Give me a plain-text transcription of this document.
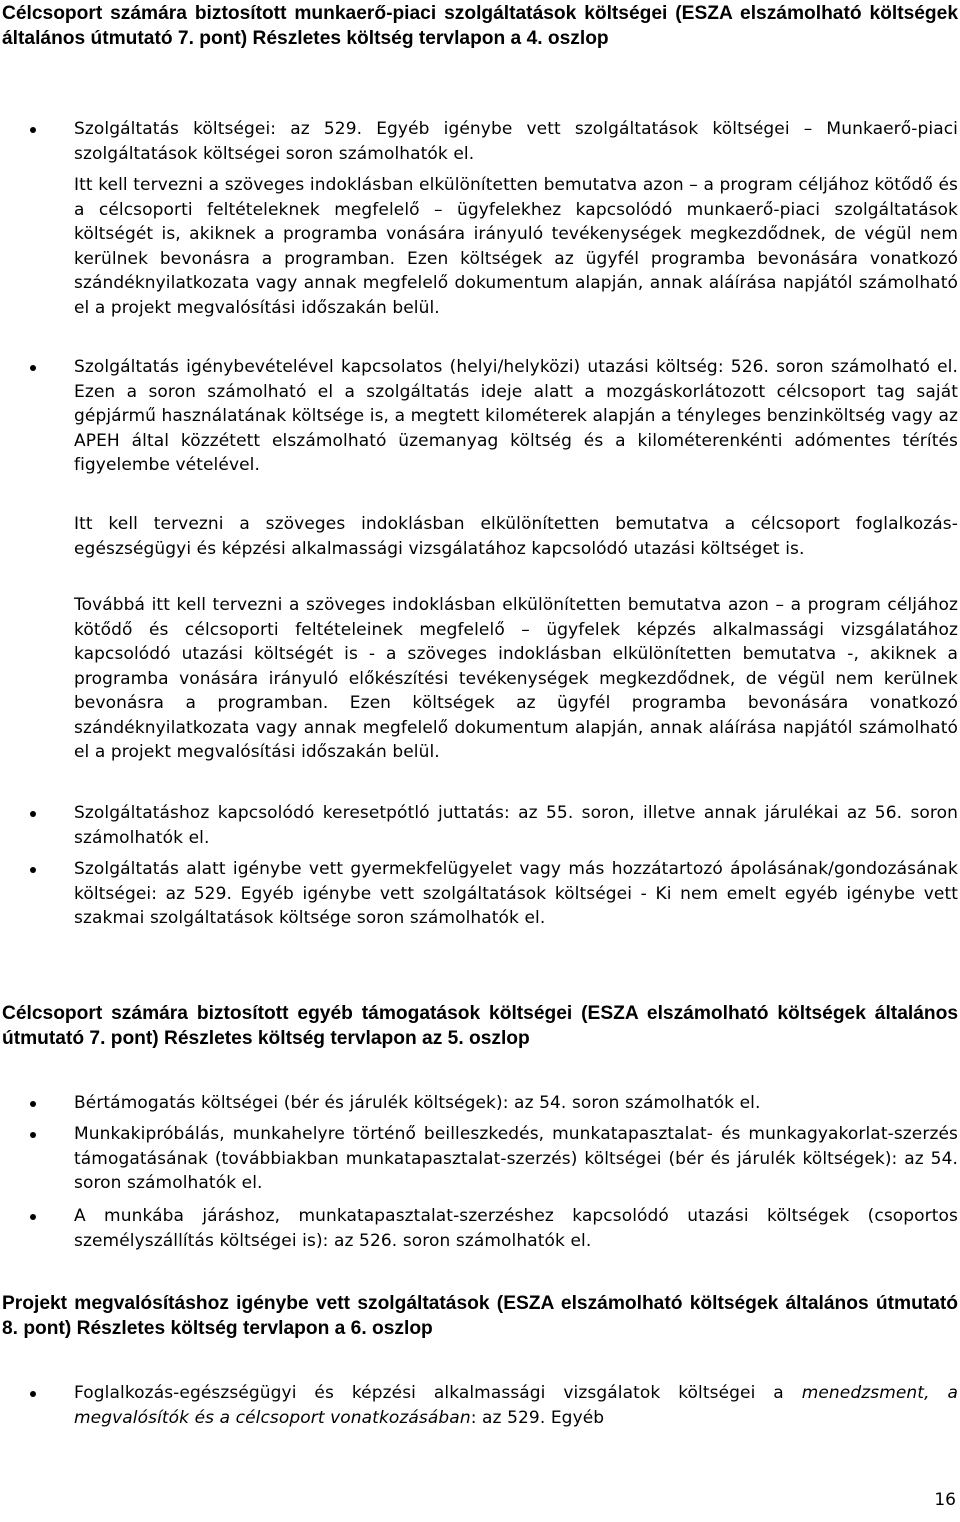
Célcsoport számára biztosított munkaerő-piaci szolgáltatások költségei (ESZA elszámolható költségek általános útmutató 7. pont) Részletes költség tervlapon a 4. oszlop
Szolgáltatás költségei: az 529. Egyéb igénybe vett szolgáltatások költségei – Munkaerő-piaci szolgáltatások költségei soron számolhatók el.

Itt kell tervezni a szöveges indoklásban elkülönítetten bemutatva azon – a program céljához kötődő és a célcsoporti feltételeknek megfelelő – ügyfelekhez kapcsolódó munkaerő-piaci szolgáltatások költségét is, akiknek a programba vonására irányuló tevékenységek megkezdődnek, de végül nem kerülnek bevonásra a programban. Ezen költségek az ügyfél programba bevonására vonatkozó szándéknyilatkozata vagy annak megfelelő dokumentum alapján, annak aláírása napjától számolható el a projekt megvalósítási időszakán belül.

Szolgáltatás igénybevételével kapcsolatos (helyi/helyközi) utazási költség: 526. soron számolható el. Ezen a soron számolható el a szolgáltatás ideje alatt a mozgáskorlátozott célcsoport tag saját gépjármű használatának költsége is, a megtett kilométerek alapján a tényleges benzinköltség vagy az APEH által közzétett elszámolható üzemanyag költség és a kilométerenkénti adómentes térítés figyelembe vételével.

Itt kell tervezni a szöveges indoklásban elkülönítetten bemutatva a célcsoport foglalkozás-egészségügyi és képzési alkalmassági vizsgálatához kapcsolódó utazási költséget is.

Továbbá itt kell tervezni a szöveges indoklásban elkülönítetten bemutatva azon – a program céljához kötődő és célcsoporti feltételeinek megfelelő – ügyfelek képzés alkalmassági vizsgálatához kapcsolódó utazási költségét is - a szöveges indoklásban elkülönítetten bemutatva -, akiknek a programba vonására irányuló előkészítési tevékenységek megkezdődnek, de végül nem kerülnek bevonásra a programban. Ezen költségek az ügyfél programba bevonására vonatkozó szándéknyilatkozata vagy annak megfelelő dokumentum alapján, annak aláírása napjától számolható el a projekt megvalósítási időszakán belül.

Szolgáltatáshoz kapcsolódó keresetpótló juttatás: az 55. soron, illetve annak járulékai az 56. soron számolhatók el.
Szolgáltatás alatt igénybe vett gyermekfelügyelet vagy más hozzátartozó ápolásának/gondozásának költségei: az 529. Egyéb igénybe vett szolgáltatások költségei - Ki nem emelt egyéb igénybe vett szakmai szolgáltatások költsége soron számolhatók el.
Célcsoport számára biztosított egyéb támogatások költségei (ESZA elszámolható költségek általános útmutató 7. pont) Részletes költség tervlapon az 5. oszlop
Bértámogatás költségei (bér és járulék költségek): az 54. soron számolhatók el.
Munkakipróbálás, munkahelyre történő beilleszkedés, munkatapasztalat- és munkagyakorlat-szerzés támogatásának (továbbiakban munkatapasztalat-szerzés) költségei (bér és járulék költségek): az 54. soron számolhatók el.
A munkába járáshoz, munkatapasztalat-szerzéshez kapcsolódó utazási költségek (csoportos személyszállítás költségei is): az 526. soron számolhatók el.
Projekt megvalósításhoz igénybe vett szolgáltatások (ESZA elszámolható költségek általános útmutató 8. pont) Részletes költség tervlapon a 6. oszlop
Foglalkozás-egészségügyi és képzési alkalmassági vizsgálatok költségei a menedzsment, a megvalósítók és a célcsoport vonatkozásában: az 529. Egyéb
16
